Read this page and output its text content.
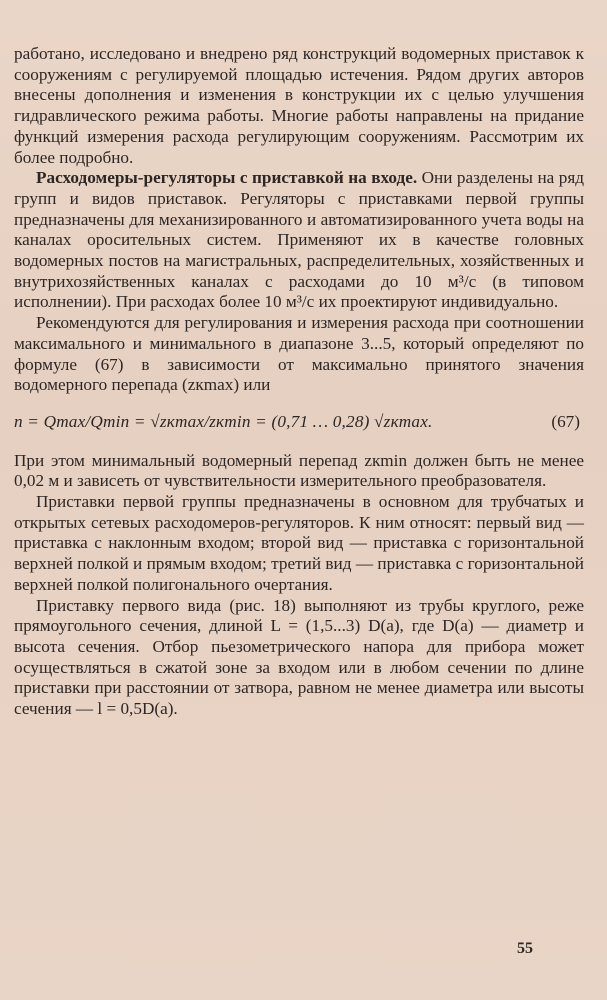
работано, исследовано и внедрено ряд конструкций водомерных приставок к сооружениям с регулируемой площадью истечения. Рядом других авторов внесены дополнения и изменения в конструкции их с целью улучшения гидравлического режима работы. Многие работы направлены на придание функций измерения расхода регулирующим сооружениям. Рассмотрим их более подробно.

Расходомеры-регуляторы с приставкой на входе. Они разделены на ряд групп и видов приставок. Регуляторы с приставками первой группы предназначены для механизированного и автоматизированного учета воды на каналах оросительных систем. Применяют их в качестве головных водомерных постов на магистральных, распределительных, хозяйственных и внутрихозяйственных каналах с расходами до 10 м³/с (в типовом исполнении). При расходах более 10 м³/с их проектируют индивидуально.

Рекомендуются для регулирования и измерения расхода при соотношении максимального и минимального в диапазоне 3...5, который определяют по формуле (67) в зависимости от максимально принятого значения водомерного перепада (zкmax) или

n = Qmax/Qmin = √zкmax/zкmin = (0,71 … 0,28) √zкmax.	(67)

При этом минимальный водомерный перепад zкmin должен быть не менее 0,02 м и зависеть от чувствительности измерительного преобразователя.

Приставки первой группы предназначены в основном для трубчатых и открытых сетевых расходомеров-регуляторов. К ним относят: первый вид — приставка с наклонным входом; второй вид — приставка с горизонтальной верхней полкой и прямым входом; третий вид — приставка с горизонтальной верхней полкой полигонального очертания.

Приставку первого вида (рис. 18) выполняют из трубы круглого, реже прямоугольного сечения, длиной L = (1,5...3) D(a), где D(a) — диаметр и высота сечения. Отбор пьезометрического напора для прибора может осуществляться в сжатой зоне за входом или в любом сечении по длине приставки при расстоянии от затвора, равном не менее диаметра или высоты сечения — l = 0,5D(a).

55
